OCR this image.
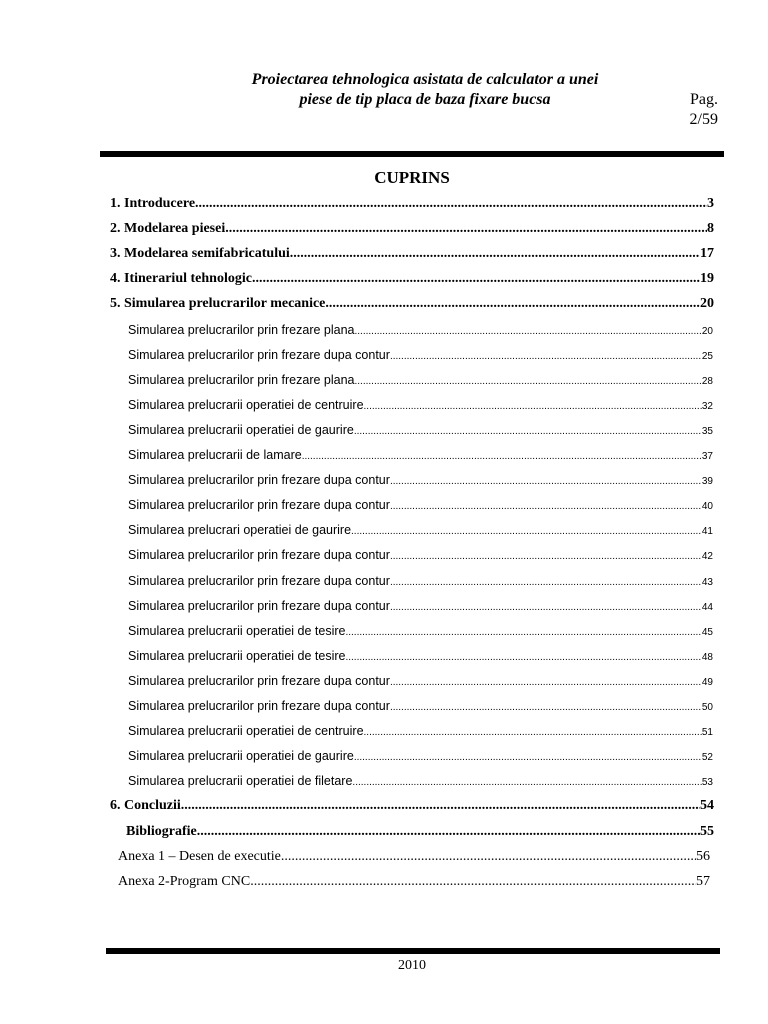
Proiectarea tehnologica asistata de calculator a unei
piese de tip placa de baza fixare bucsa	Pag.
2/59
CUPRINS
1. Introducere .....	3
2. Modelarea piesei .....	8
3. Modelarea semifabricatului .....	17
4. Itinerariul tehnologic .....	19
5. Simularea prelucrarilor mecanice .....	20
Simularea prelucrarilor prin frezare plana .....	20
Simularea prelucrarilor prin frezare dupa contur .....	25
Simularea prelucrarilor prin frezare plana .....	28
Simularea prelucrarii operatiei de centruire .....	32
Simularea prelucrarii operatiei de gaurire .....	35
Simularea prelucrarii de lamare .....	37
Simularea prelucrarilor prin frezare dupa contur .....	39
Simularea prelucrarilor prin frezare dupa contur .....	40
Simularea prelucrari operatiei de gaurire .....	41
Simularea prelucrarilor prin frezare dupa contur .....	42
Simularea prelucrarilor prin frezare dupa contur .....	43
Simularea prelucrarilor prin frezare dupa contur .....	44
Simularea prelucrarii operatiei de tesire .....	45
Simularea prelucrarii operatiei de tesire .....	48
Simularea prelucrarilor prin frezare dupa contur .....	49
Simularea prelucrarilor prin frezare dupa contur .....	50
Simularea prelucrarii operatiei de centruire .....	51
Simularea prelucrarii operatiei de gaurire .....	52
Simularea prelucrarii operatiei de filetare .....	53
6. Concluzii .....	54
Bibliografie .....	55
Anexa 1 – Desen de executie .....	56
Anexa 2-Program CNC .....	57
2010
